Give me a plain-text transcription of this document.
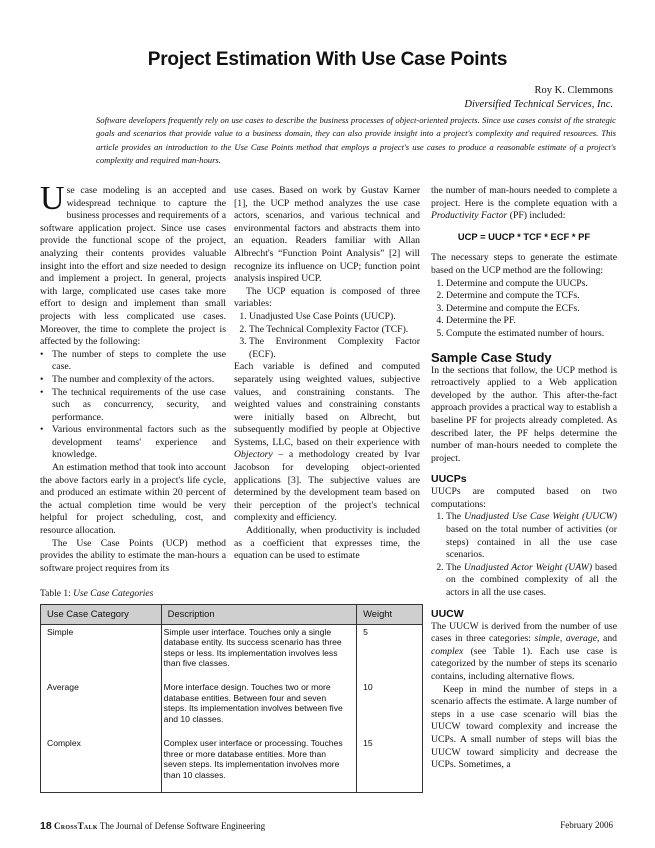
Project Estimation With Use Case Points
Roy K. Clemmons
Diversified Technical Services, Inc.
Software developers frequently rely on use cases to describe the business processes of object-oriented projects. Since use cases consist of the strategic goals and scenarios that provide value to a business domain, they can also provide insight into a project's complexity and required resources. This article provides an introduction to the Use Case Points method that employs a project's use cases to produce a reasonable estimate of a project's complexity and required man-hours.

Use case modeling is an accepted and widespread technique to capture the business processes and requirements of a software application project. Since use cases provide the functional scope of the project, analyzing their contents provides valuable insight into the effort and size needed to design and implement a project. In general, projects with large, complicated use cases take more effort to design and implement than small projects with less complicated use cases. Moreover, the time to complete the project is affected by the following:

• The number of steps to complete the use case.
• The number and complexity of the actors.
• The technical requirements of the use case such as concurrency, security, and performance.
• Various environmental factors such as the development teams' experience and knowledge.

An estimation method that took into account the above factors early in a project's life cycle, and produced an estimate within 20 percent of the actual completion time would be very helpful for project scheduling, cost, and resource allocation.

The Use Case Points (UCP) method provides the ability to estimate the man-hours a software project requires from its

use cases. Based on work by Gustav Karner [1], the UCP method analyzes the use case actors, scenarios, and various technical and environmental factors and abstracts them into an equation. Readers familiar with Allan Albrecht's “Function Point Analysis” [2] will recognize its influence on UCP; function point analysis inspired UCP.

The UCP equation is composed of three variables:

1. Unadjusted Use Case Points (UUCP).
2. The Technical Complexity Factor (TCF).
3. The Environment Complexity Factor (ECF).

Each variable is defined and computed separately using weighted values, subjective values, and constraining constants. The weighted values and constraining constants were initially based on Albrecht, but subsequently modified by people at Objective Systems, LLC, based on their experience with Objectory – a methodology created by Ivar Jacobson for developing object-oriented applications [3]. The subjective values are determined by the development team based on their perception of the project's technical complexity and efficiency.

Additionally, when productivity is included as a coefficient that expresses time, the equation can be used to estimate

the number of man-hours needed to complete a project. Here is the complete equation with a Productivity Factor (PF) included:

UCP = UUCP * TCF * ECF * PF

The necessary steps to generate the estimate based on the UCP method are the following:

1. Determine and compute the UUCPs.
2. Determine and compute the TCFs.
3. Determine and compute the ECFs.
4. Determine the PF.
5. Compute the estimated number of hours.
Sample Case Study

In the sections that follow, the UCP method is retroactively applied to a Web application developed by the author. This after-the-fact approach provides a practical way to establish a baseline PF for projects already completed. As described later, the PF helps determine the number of man-hours needed to complete the project.

UUCPs

UUCPs are computed based on two computations:

1. The Unadjusted Use Case Weight (UUCW) based on the total number of activities (or steps) contained in all the use case scenarios.
2. The Unadjusted Actor Weight (UAW) based on the combined complexity of all the actors in all the use cases.
UUCW

The UUCW is derived from the number of use cases in three categories: simple, average, and complex (see Table 1). Each use case is categorized by the number of steps its scenario contains, including alternative flows.

Keep in mind the number of steps in a scenario affects the estimate. A large number of steps in a use case scenario will bias the UUCW toward complexity and increase the UCPs. A small number of steps will bias the UUCW toward simplicity and decrease the UCPs. Sometimes, a

Table 1: Use Case Categories
Use Case Category	Description	Weight
Simple	Simple user interface. Touches only a single database entity. Its success scenario has three steps or less. Its implementation involves less than five classes.	5
Average	More interface design. Touches two or more database entities. Between four and seven steps. Its implementation involves between five and 10 classes.	10
Complex	Complex user interface or processing. Touches three or more database entities. More than seven steps. Its implementation involves more than 10 classes.	15
18 CrossTalk The Journal of Defense Software Engineering	February 2006
